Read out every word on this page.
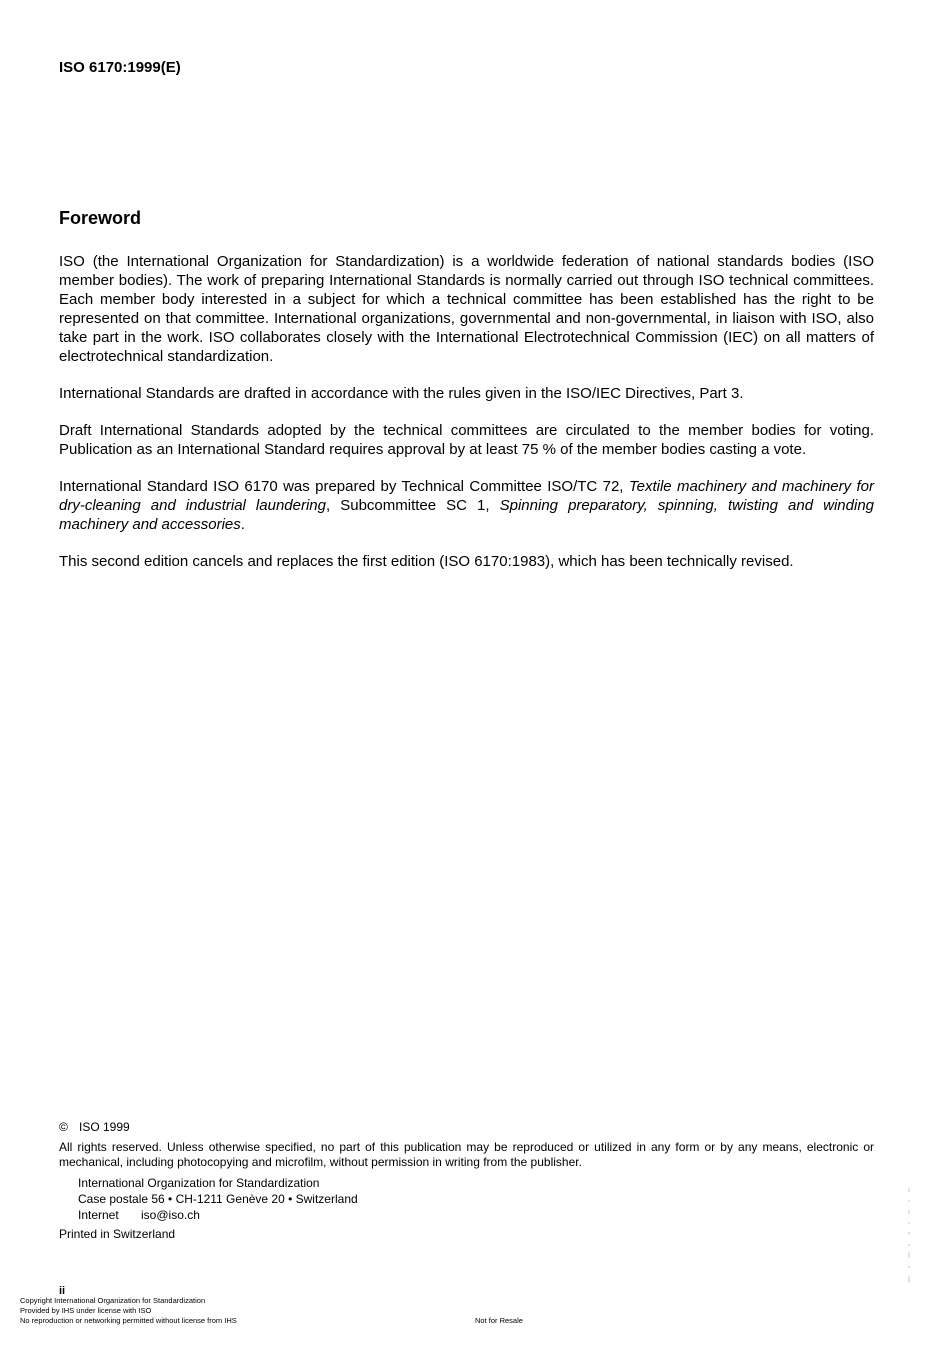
ISO 6170:1999(E)
Foreword

ISO (the International Organization for Standardization) is a worldwide federation of national standards bodies (ISO member bodies). The work of preparing International Standards is normally carried out through ISO technical committees. Each member body interested in a subject for which a technical committee has been established has the right to be represented on that committee. International organizations, governmental and non-governmental, in liaison with ISO, also take part in the work. ISO collaborates closely with the International Electrotechnical Commission (IEC) on all matters of electrotechnical standardization.

International Standards are drafted in accordance with the rules given in the ISO/IEC Directives, Part 3.

Draft International Standards adopted by the technical committees are circulated to the member bodies for voting. Publication as an International Standard requires approval by at least 75 % of the member bodies casting a vote.

International Standard ISO 6170 was prepared by Technical Committee ISO/TC 72, Textile machinery and machinery for dry-cleaning and industrial laundering, Subcommittee SC 1, Spinning preparatory, spinning, twisting and winding machinery and accessories.

This second edition cancels and replaces the first edition (ISO 6170:1983), which has been technically revised.

© ISO 1999
All rights reserved. Unless otherwise specified, no part of this publication may be reproduced or utilized in any form or by any means, electronic or mechanical, including photocopying and microfilm, without permission in writing from the publisher.
International Organization for Standardization
Case postale 56 • CH-1211 Genève 20 • Switzerland
Internet iso@iso.ch
Printed in Switzerland
ii
Copyright International Organization for Standardization
Provided by IHS under license with ISO
No reproduction or networking permitted without license from IHS	Not for Resale
